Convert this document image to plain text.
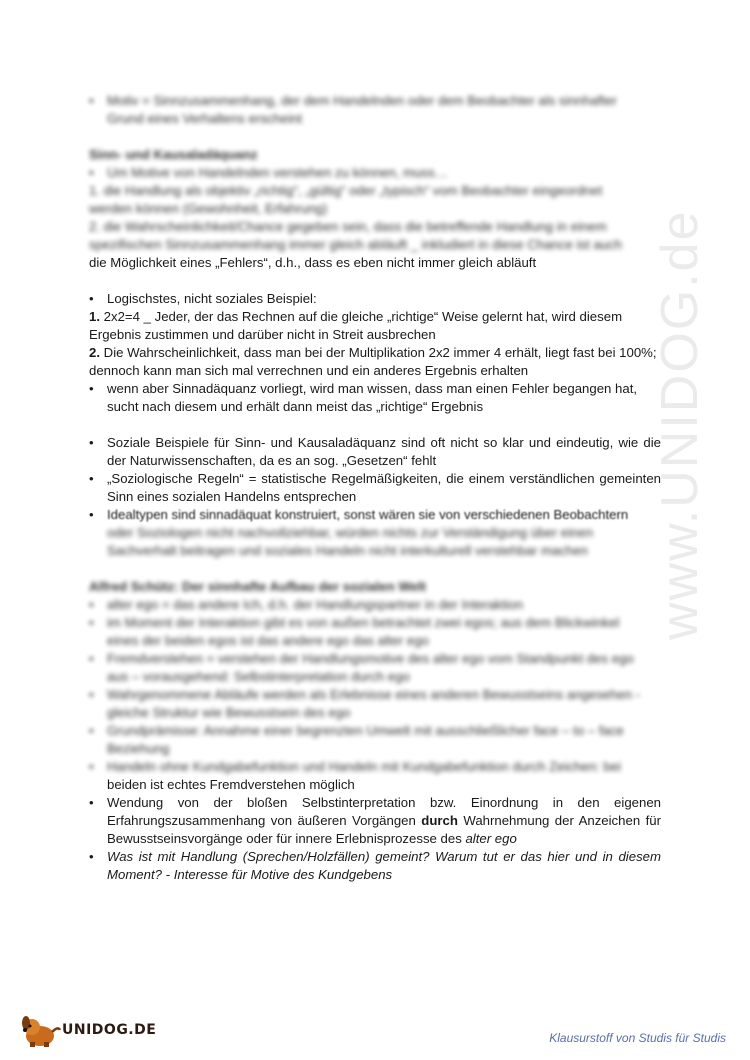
www.UNIDOG.de
•	Motiv = Sinnzusammenhang, der dem Handelnden oder dem Beobachter als sinnhafter
Grund eines Verhaltens erscheint

Sinn- und Kausaladäquanz

•	Um Motive von Handelnden verstehen zu können, muss…

1. die Handlung als objektiv „richtig“, „gültig“ oder „typisch“ vom Beobachter eingeordnet

werden können (Gewohnheit, Erfahrung)

2. die Wahrscheinlichkeit/Chance gegeben sein, dass die betreffende Handlung in einem

spezifischen Sinnzusammenhang immer gleich abläuft _ inkludiert in diese Chance ist auch

die Möglichkeit eines „Fehlers“, d.h., dass es eben nicht immer gleich abläuft

•	Logischstes, nicht soziales Beispiel:

1. 2x2=4 _ Jeder, der das Rechnen auf die gleiche „richtige“ Weise gelernt hat, wird diesem Ergebnis zustimmen und darüber nicht in Streit ausbrechen

2. Die Wahrscheinlichkeit, dass man bei der Multiplikation 2x2 immer 4 erhält, liegt fast bei 100%; dennoch kann man sich mal verrechnen und ein anderes Ergebnis erhalten

•	wenn aber Sinnadäquanz vorliegt, wird man wissen, dass man einen Fehler begangen hat, sucht nach diesem und erhält dann meist das „richtige“ Ergebnis
•	Soziale Beispiele für Sinn- und Kausaladäquanz sind oft nicht so klar und eindeutig, wie die der Naturwissenschaften, da es an sog. „Gesetzen“ fehlt
•	„Soziologische Regeln“ = statistische Regelmäßigkeiten, die einem verständlichen gemeinten Sinn eines sozialen Handelns entsprechen
•	Idealtypen sind sinnadäquat konstruiert, sonst wären sie von verschiedenen Beobachtern

oder Soziologen nicht nachvollziehbar, würden nichts zur Verständigung über einen

Sachverhalt beitragen und soziales Handeln nicht interkulturell verstehbar machen

Alfred Schütz: Der sinnhafte Aufbau der sozialen Welt

•	alter ego = das andere Ich, d.h. der Handlungspartner in der Interaktion
•	im Moment der Interaktion gibt es von außen betrachtet zwei egos; aus dem Blickwinkel
eines der beiden egos ist das andere ego das alter ego
•	Fremdverstehen = verstehen der Handlungsmotive des alter ego vom Standpunkt des ego
aus – vorausgehend: Selbstinterpretation durch ego
•	Wahrgenommene Abläufe werden als Erlebnisse eines anderen Bewusstseins angesehen -
gleiche Struktur wie Bewusstsein des ego
•	Grundprämisse: Annahme einer begrenzten Umwelt mit ausschließlicher face – to – face
Beziehung
•	Handeln ohne Kundgabefunktion und Handeln mit Kundgabefunktion durch Zeichen: bei

beiden ist echtes Fremdverstehen möglich

•	Wendung von der bloßen Selbstinterpretation bzw. Einordnung in den eigenen Erfahrungszusammenhang von äußeren Vorgängen durch Wahrnehmung der Anzeichen für Bewusstseinsvorgänge oder für innere Erlebnisprozesse des alter ego
•	Was ist mit Handlung (Sprechen/Holzfällen) gemeint? Warum tut er das hier und in diesem Moment? - Interesse für Motive des Kundgebens
UNIDOG.DE	Klausurstoff von Studis für Studis
